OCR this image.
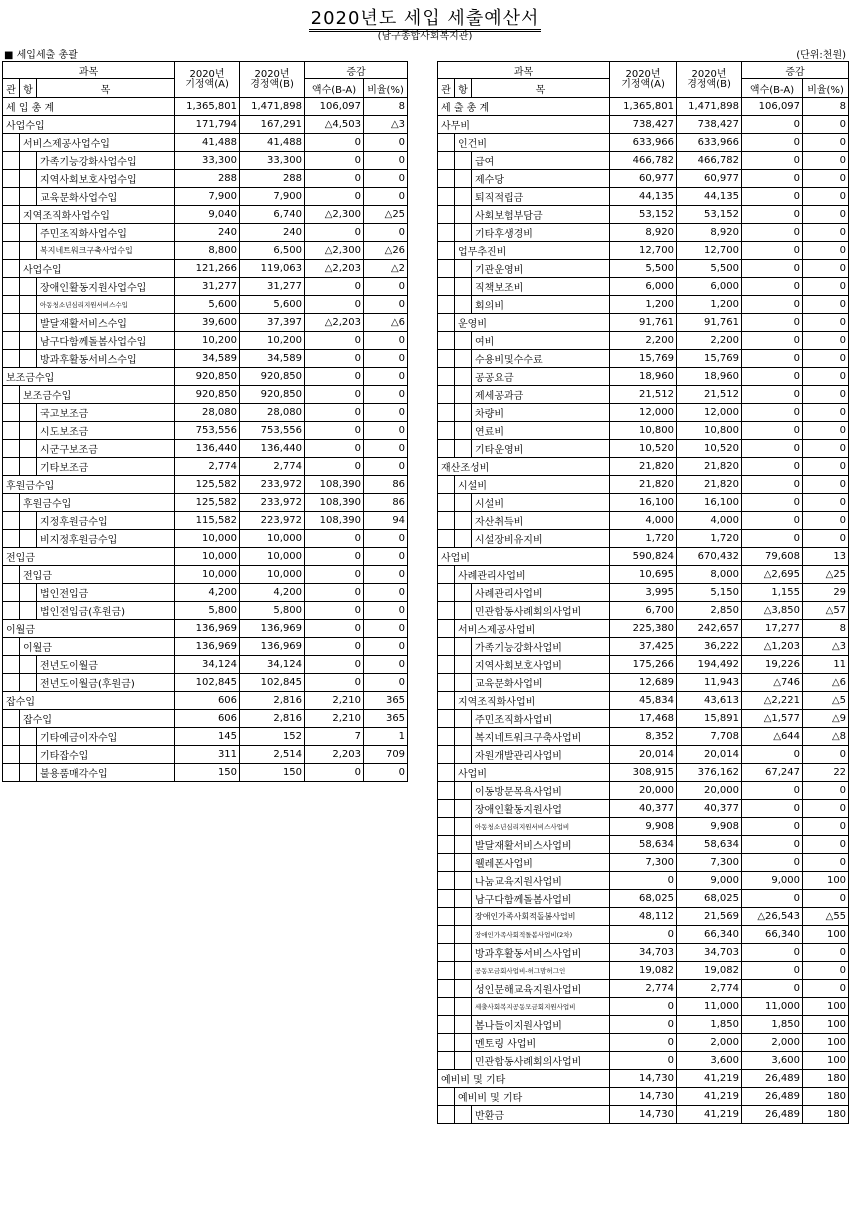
2020년도 세입 세출예산서
(남구종합사회복지관)
■ 세입세출 총괄	(단위:천원)
과목			2020년
기정액(A)	2020년
경정액(B)	증감	
관	항	목			액수(B-A)	비율(%)
세 입 총 계			1,365,801	1,471,898	106,097	8
사업수입			171,794	167,291	△4,503	△3
	서비스제공사업수입		41,488	41,488	0	0
		가족기능강화사업수입	33,300	33,300	0	0
		지역사회보호사업수입	288	288	0	0
		교육문화사업수입	7,900	7,900	0	0
	지역조직화사업수입		9,040	6,740	△2,300	△25
		주민조직화사업수입	240	240	0	0
		복지네트워크구축사업수입	8,800	6,500	△2,300	△26
	사업수입		121,266	119,063	△2,203	△2
		장애인활동지원사업수입	31,277	31,277	0	0
		아동청소년심리지원서비스수입	5,600	5,600	0	0
		발달재활서비스수입	39,600	37,397	△2,203	△6
		남구다함께돌봄사업수입	10,200	10,200	0	0
		방과후활동서비스수입	34,589	34,589	0	0
보조금수입			920,850	920,850	0	0
	보조금수입		920,850	920,850	0	0
		국고보조금	28,080	28,080	0	0
		시도보조금	753,556	753,556	0	0
		시군구보조금	136,440	136,440	0	0
		기타보조금	2,774	2,774	0	0
후원금수입			125,582	233,972	108,390	86
	후원금수입		125,582	233,972	108,390	86
		지정후원금수입	115,582	223,972	108,390	94
		비지정후원금수입	10,000	10,000	0	0
전입금			10,000	10,000	0	0
	전입금		10,000	10,000	0	0
		법인전입금	4,200	4,200	0	0
		법인전입금(후원금)	5,800	5,800	0	0
이월금			136,969	136,969	0	0
	이월금		136,969	136,969	0	0
		전년도이월금	34,124	34,124	0	0
		전년도이월금(후원금)	102,845	102,845	0	0
잡수입			606	2,816	2,210	365
	잡수입		606	2,816	2,210	365
		기타예금이자수입	145	152	7	1
		기타잡수입	311	2,514	2,203	709
		불용품매각수입	150	150	0	0
과목			2020년
기정액(A)	2020년
경정액(B)	증감	
관	항	목			액수(B-A)	비율(%)
세 출 총 계			1,365,801	1,471,898	106,097	8
사무비			738,427	738,427	0	0
	인건비		633,966	633,966	0	0
		급여	466,782	466,782	0	0
		제수당	60,977	60,977	0	0
		퇴직적립금	44,135	44,135	0	0
		사회보험부담금	53,152	53,152	0	0
		기타후생경비	8,920	8,920	0	0
	업무추진비		12,700	12,700	0	0
		기관운영비	5,500	5,500	0	0
		직책보조비	6,000	6,000	0	0
		회의비	1,200	1,200	0	0
	운영비		91,761	91,761	0	0
		여비	2,200	2,200	0	0
		수용비및수수료	15,769	15,769	0	0
		공공요금	18,960	18,960	0	0
		제세공과금	21,512	21,512	0	0
		차량비	12,000	12,000	0	0
		연료비	10,800	10,800	0	0
		기타운영비	10,520	10,520	0	0
재산조성비			21,820	21,820	0	0
	시설비		21,820	21,820	0	0
		시설비	16,100	16,100	0	0
		자산취득비	4,000	4,000	0	0
		시설장비유지비	1,720	1,720	0	0
사업비			590,824	670,432	79,608	13
	사례관리사업비		10,695	8,000	△2,695	△25
		사례관리사업비	3,995	5,150	1,155	29
		민관합동사례회의사업비	6,700	2,850	△3,850	△57
	서비스제공사업비		225,380	242,657	17,277	8
		가족기능강화사업비	37,425	36,222	△1,203	△3
		지역사회보호사업비	175,266	194,492	19,226	11
		교육문화사업비	12,689	11,943	△746	△6
	지역조직화사업비		45,834	43,613	△2,221	△5
		주민조직화사업비	17,468	15,891	△1,577	△9
		복지네트워크구축사업비	8,352	7,708	△644	△8
		자원개발관리사업비	20,014	20,014	0	0
	사업비		308,915	376,162	67,247	22
		이동방문목욕사업비	20,000	20,000	0	0
		장애인활동지원사업	40,377	40,377	0	0
		아동청소년심리지원서비스사업비	9,908	9,908	0	0
		발달재활서비스사업비	58,634	58,634	0	0
		웰레폰사업비	7,300	7,300	0	0
		나눔교육지원사업비	0	9,000	9,000	100
		남구다함께돌봄사업비	68,025	68,025	0	0
		장애인가족사회적돌봄사업비	48,112	21,569	△26,543	△55
		장애인가족사회적돌봄사업비(2차)	0	66,340	66,340	100
		방과후활동서비스사업비	34,703	34,703	0	0
		공동모금회사업비-허그맘허그인	19,082	19,082	0	0
		성인문해교육지원사업비	2,774	2,774	0	0
		세출사회복지공동모금회지원사업비	0	11,000	11,000	100
		봄나들이지원사업비	0	1,850	1,850	100
		멘토링 사업비	0	2,000	2,000	100
		민관합동사례회의사업비	0	3,600	3,600	100
예비비 및 기타			14,730	41,219	26,489	180
	예비비 및 기타		14,730	41,219	26,489	180
		반환금	14,730	41,219	26,489	180
